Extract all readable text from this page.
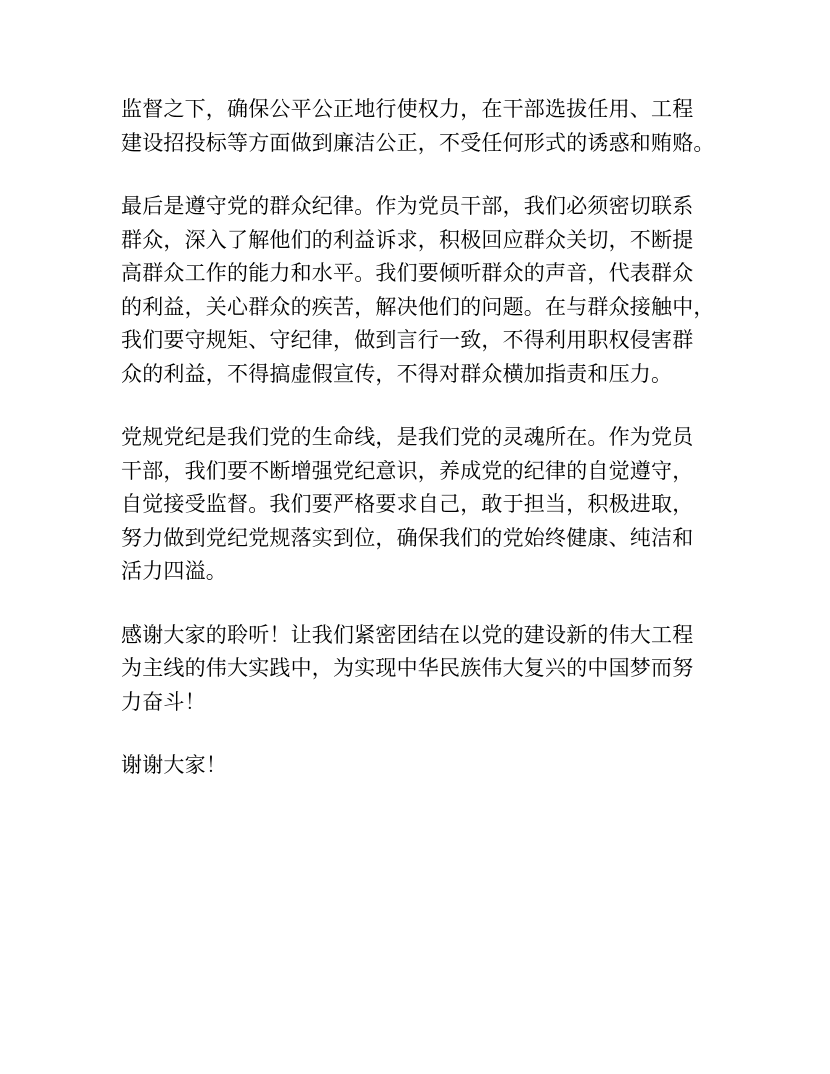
监督之下，确保公平公正地行使权力，在干部选拔任用、工程
建设招投标等方面做到廉洁公正，不受任何形式的诱惑和贿赂。

最后是遵守党的群众纪律。作为党员干部，我们必须密切联系
群众，深入了解他们的利益诉求，积极回应群众关切，不断提
高群众工作的能力和水平。我们要倾听群众的声音，代表群众
的利益，关心群众的疾苦，解决他们的问题。在与群众接触中，
我们要守规矩、守纪律，做到言行一致，不得利用职权侵害群
众的利益，不得搞虚假宣传，不得对群众横加指责和压力。

党规党纪是我们党的生命线，是我们党的灵魂所在。作为党员
干部，我们要不断增强党纪意识，养成党的纪律的自觉遵守，
自觉接受监督。我们要严格要求自己，敢于担当，积极进取，
努力做到党纪党规落实到位，确保我们的党始终健康、纯洁和
活力四溢。

感谢大家的聆听！让我们紧密团结在以党的建设新的伟大工程
为主线的伟大实践中，为实现中华民族伟大复兴的中国梦而努
力奋斗！

谢谢大家！
